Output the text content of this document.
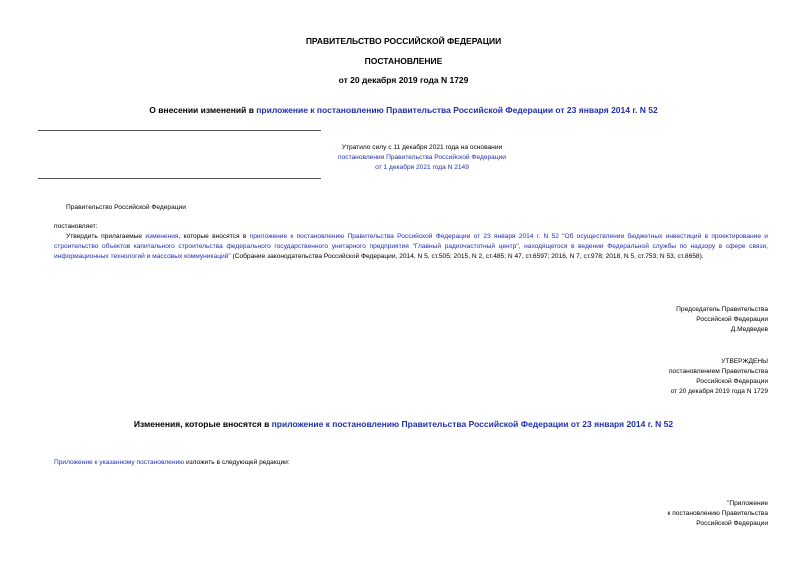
ПРАВИТЕЛЬСТВО РОССИЙСКОЙ ФЕДЕРАЦИИ
ПОСТАНОВЛЕНИЕ
от 20 декабря 2019 года N 1729
О внесении изменений в приложение к постановлению Правительства Российской Федерации от 23 января 2014 г. N 52
Утратило силу с 11 декабря 2021 года на основании
постановления Правительства Российской Федерации
от 1 декабря 2021 года N 2149
Правительство Российской Федерации
постановляет:
Утвердить прилагаемые изменения, которые вносятся в приложение к постановлению Правительства Российской Федерации от 23 января 2014 г. N 52 "Об осуществлении бюджетных инвестиций в проектирование и строительство объектов капитального строительства федерального государственного унитарного предприятия "Главный радиочастотный центр", находящегося в ведении Федеральной службы по надзору в сфере связи, информационных технологий и массовых коммуникаций" (Собрание законодательства Российской Федерации, 2014, N 5, ст.505; 2015, N 2, ст.485; N 47, ст.6597; 2016, N 7, ст.978; 2018, N 5, ст.753; N 53, ст.8658).
Председатель Правительства
Российской Федерации
Д.Медведев
УТВЕРЖДЕНЫ
постановлением Правительства
Российской Федерации
от 20 декабря 2019 года N 1729
Изменения, которые вносятся в приложение к постановлению Правительства Российской Федерации от 23 января 2014 г. N 52
Приложение к указанному постановлению изложить в следующей редакции:
"Приложение
к постановлению Правительства
Российской Федерации
